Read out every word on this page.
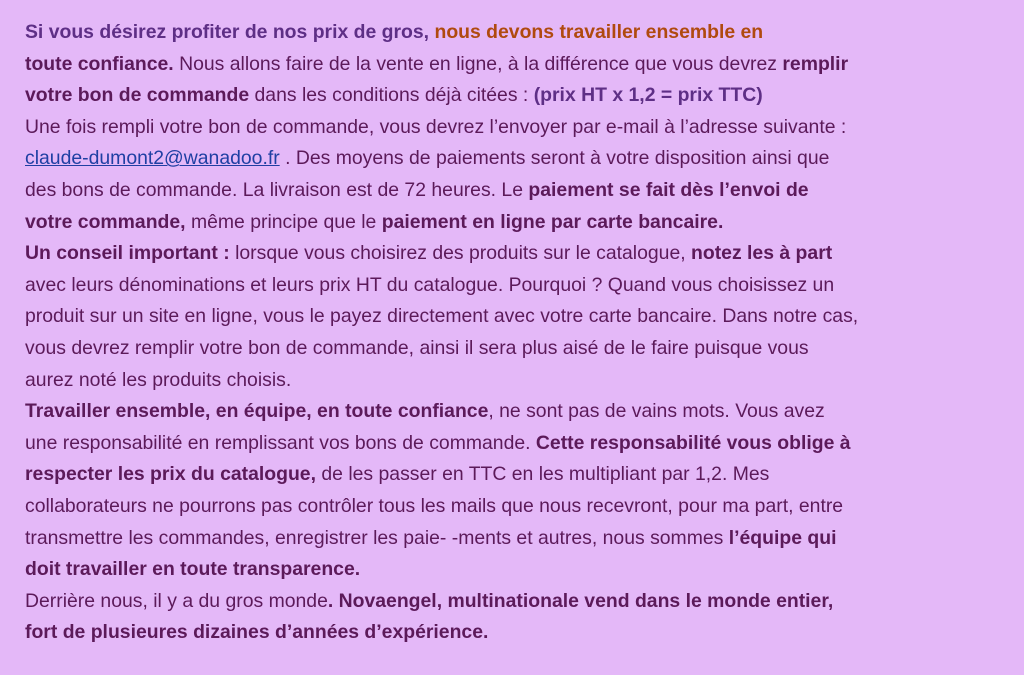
Si vous désirez profiter de nos prix de gros, nous devons travailler ensemble en
toute confiance. Nous allons faire de la vente en ligne, à la différence que vous devrez remplir
votre bon de commande dans les conditions déjà citées : (prix HT x 1,2 = prix TTC)
Une fois rempli votre bon de commande, vous devrez l’envoyer par e-mail à l’adresse suivante :
claude-dumont2@wanadoo.fr . Des moyens de paiements seront à votre disposition ainsi que
des bons de commande. La livraison est de 72 heures. Le paiement se fait dès l’envoi de
votre commande, même principe que le paiement en ligne par carte bancaire.
Un conseil important : lorsque vous choisirez des produits sur le catalogue, notez les à part
avec leurs dénominations et leurs prix HT du catalogue. Pourquoi ? Quand vous choisissez un
produit sur un site en ligne, vous le payez directement avec votre carte bancaire. Dans notre cas,
vous devrez remplir votre bon de commande, ainsi il sera plus aisé de le faire puisque vous
aurez noté les produits choisis.
Travailler ensemble, en équipe, en toute confiance, ne sont pas de vains mots. Vous avez
une responsabilité en remplissant vos bons de commande. Cette responsabilité vous oblige à
respecter les prix du catalogue, de les passer en TTC en les multipliant par 1,2. Mes
collaborateurs ne pourrons pas contrôler tous les mails que nous recevront, pour ma part, entre
transmettre les commandes, enregistrer les paie- -ments et autres, nous sommes l’équipe qui
doit travailler en toute transparence.
Derrière nous, il y a du gros monde. Novaengel, multinationale vend dans le monde entier,
fort de plusieures dizaines d’années d’expérience.
